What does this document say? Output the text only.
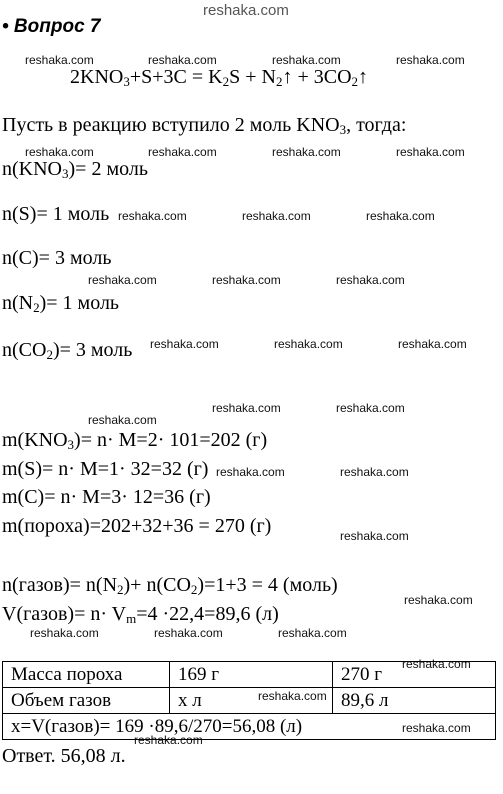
reshaka.com
reshaka.com	reshaka.com	reshaka.com	reshaka.com
reshaka.com	reshaka.com	reshaka.com	reshaka.com
reshaka.com	reshaka.com	reshaka.com
reshaka.com	reshaka.com	reshaka.com
reshaka.com	reshaka.com	reshaka.com
reshaka.com	reshaka.com
reshaka.com
reshaka.com	reshaka.com
reshaka.com
reshaka.com
reshaka.com	reshaka.com	reshaka.com
reshaka.com
reshaka.com
reshaka.com
reshaka.com
• Вопрос 7
$2KNO_3+S+3C = K_2S$ + $N_2↑$ + $3CO_2↑$
Пусть в реакцию вступило 2 моль $KNO_3$, тогда:
$n(KNO_3)= 2$ моль
n(S)= 1 моль
n(C)= 3 моль
$n(N_2)= 1$ моль
$n(CO_2)= 3$ моль
$m(KNO_3)= n\cdot M=2\cdot 101=202$ (г)
m(S)= n· M=1· 32=32 (г)
m(C)= n· M=3· 12=36 (г)
m(пороха)=202+32+36 = 270 (г)
n(газов)= $n(N_2)+ n(CO_2)=1+3 = 4$ (моль)
V(газов)= $n\cdot V_m=4 \cdot 22,4=89,6$ (л)
Масса пороха	169 г	270 г
Объем газов	x л	89,6 л
x=V(газов)= 169 ·89,6/270=56,08 (л)		
Ответ. 56,08 л.
